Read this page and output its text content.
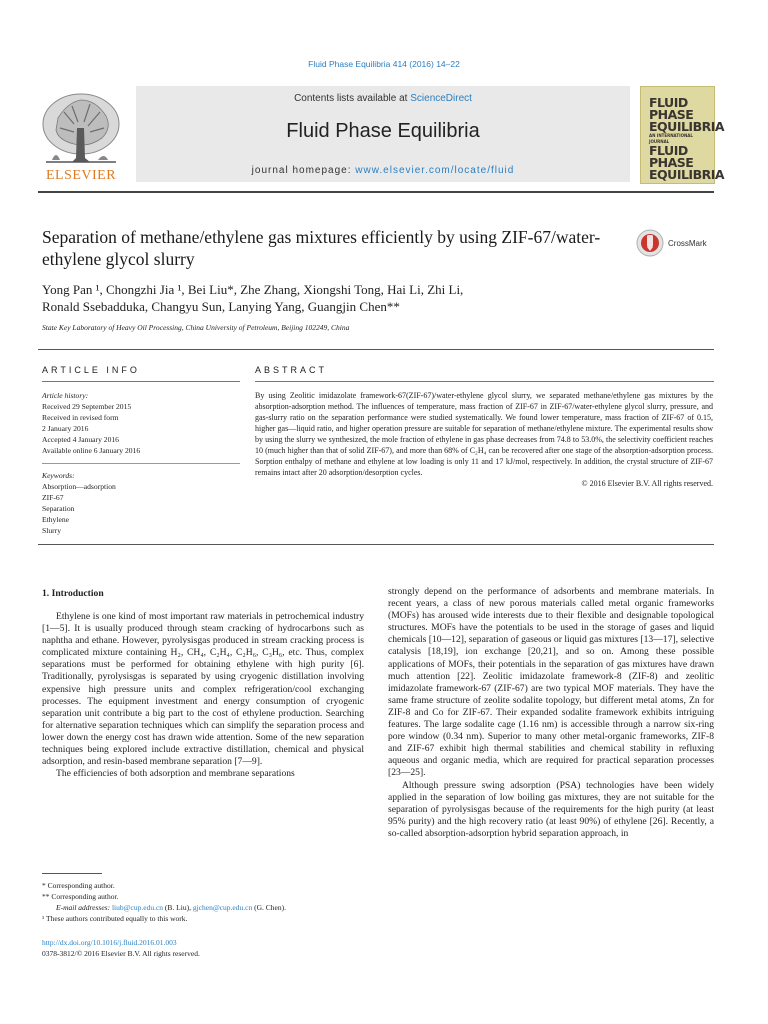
Fluid Phase Equilibria 414 (2016) 14–22
Contents lists available at ScienceDirect
Fluid Phase Equilibria
journal homepage: www.elsevier.com/locate/fluid
ELSEVIER
FLUID PHASE EQUILIBRIA
AN INTERNATIONAL JOURNAL
FLUID PHASE EQUILIBRIA
Separation of methane/ethylene gas mixtures efficiently by using ZIF-67/water-ethylene glycol slurry
CrossMark
Yong Pan ¹, Chongzhi Jia ¹, Bei Liu*, Zhe Zhang, Xiongshi Tong, Hai Li, Zhi Li,
Ronald Ssebadduka, Changyu Sun, Lanying Yang, Guangjin Chen**
State Key Laboratory of Heavy Oil Processing, China University of Petroleum, Beijing 102249, China
ARTICLE INFO	ABSTRACT
Article history:
Received 29 September 2015
Received in revised form
2 January 2016
Accepted 4 January 2016
Available online 6 January 2016
Keywords:
Absorption—adsorption
ZIF-67
Separation
Ethylene
Slurry
By using Zeolitic imidazolate framework-67(ZIF-67)/water-ethylene glycol slurry, we separated methane/ethylene gas mixtures by the absorption-adsorption method. The influences of temperature, mass fraction of ZIF-67 in ZIF-67/water-ethylene glycol slurry, pressure, and gas-slurry ratio on the separation performance were studied systematically. We found lower temperature, mass fraction of ZIF-67 of 0.15, higher gas—liquid ratio, and higher operation pressure are suitable for separation of methane/ethylene mixture. The experimental results show by using the slurry we synthesized, the mole fraction of ethylene in gas phase decreases from 74.8 to 53.0%, the selectivity coefficient reaches 10 (much higher than that of solid ZIF-67), and more than 68% of C₂H₄ can be recovered after one stage of the absorption-adsorption process. Sorption enthalpy of methane and ethylene at low loading is only 11 and 17 kJ/mol, respectively. In addition, the crystal structure of ZIF-67 remains intact after 20 adsorption/desorption cycles.
© 2016 Elsevier B.V. All rights reserved.
1. Introduction

Ethylene is one kind of most important raw materials in petrochemical industry [1—5]. It is usually produced through steam cracking of hydrocarbons such as naphtha and ethane. However, pyrolysisgas produced in stream cracking process is complicated mixture containing H₂, CH₄, C₂H₄, C₂H₆, C₃H₆, etc. Thus, complex separations must be performed for obtaining ethylene with high purity [6]. Traditionally, pyrolysisgas is separated by using cryogenic distillation involving expensive high pressure units and complex refrigeration/cool exchanging processes. The equipment investment and energy consumption of cryogenic separation unit contribute a big part to the cost of ethylene production. Searching for alternative separation techniques which can simplify the separation process and lower down the energy cost has drawn wide attention. Some of the new separation techniques being explored include extractive distillation, chemical and physical adsorption, and resin-based membrane separation [7—9].

The efficiencies of both adsorption and membrane separations

strongly depend on the performance of adsorbents and membrane materials. In recent years, a class of new porous materials called metal organic frameworks (MOFs) has aroused wide interests due to their flexible and designable topological structures. MOFs have the potentials to be used in the storage of gases and liquid chemicals [10—12], separation of gaseous or liquid gas mixtures [13—17], selective catalysis [18,19], ion exchange [20,21], and so on. Among these possible applications of MOFs, their potentials in the separation of gas mixtures have drawn much attention [22]. Zeolitic imidazolate framework-8 (ZIF-8) and zeolitic imidazolate framework-67 (ZIF-67) are two typical MOF materials. They have the same frame structure of zeolite sodalite topology, but different metal atoms, Zn for ZIF-8 and Co for ZIF-67. Their expanded sodalite framework exhibits intriguing features. The large sodalite cage (1.16 nm) is accessible through a narrow six-ring pore window (0.34 nm). Superior to many other metal-organic frameworks, ZIF-8 and ZIF-67 exhibit high thermal stabilities and chemical stability in refluxing aqueous and organic media, which are required for practical separation processes [23—25].

Although pressure swing adsorption (PSA) technologies have been widely applied in the separation of low boiling gas mixtures, they are not suitable for the separation of pyrolysisgas because of the requirements for the high purity (at least 95% purity) and the high recovery ratio (at least 90%) of ethylene [26]. Recently, a so-called absorption-adsorption hybrid separation approach, in

* Corresponding author.
** Corresponding author.
E-mail addresses: liub@cup.edu.cn (B. Liu), gjchen@cup.edu.cn (G. Chen).
¹ These authors contributed equally to this work.
http://dx.doi.org/10.1016/j.fluid.2016.01.003
0378-3812/© 2016 Elsevier B.V. All rights reserved.
